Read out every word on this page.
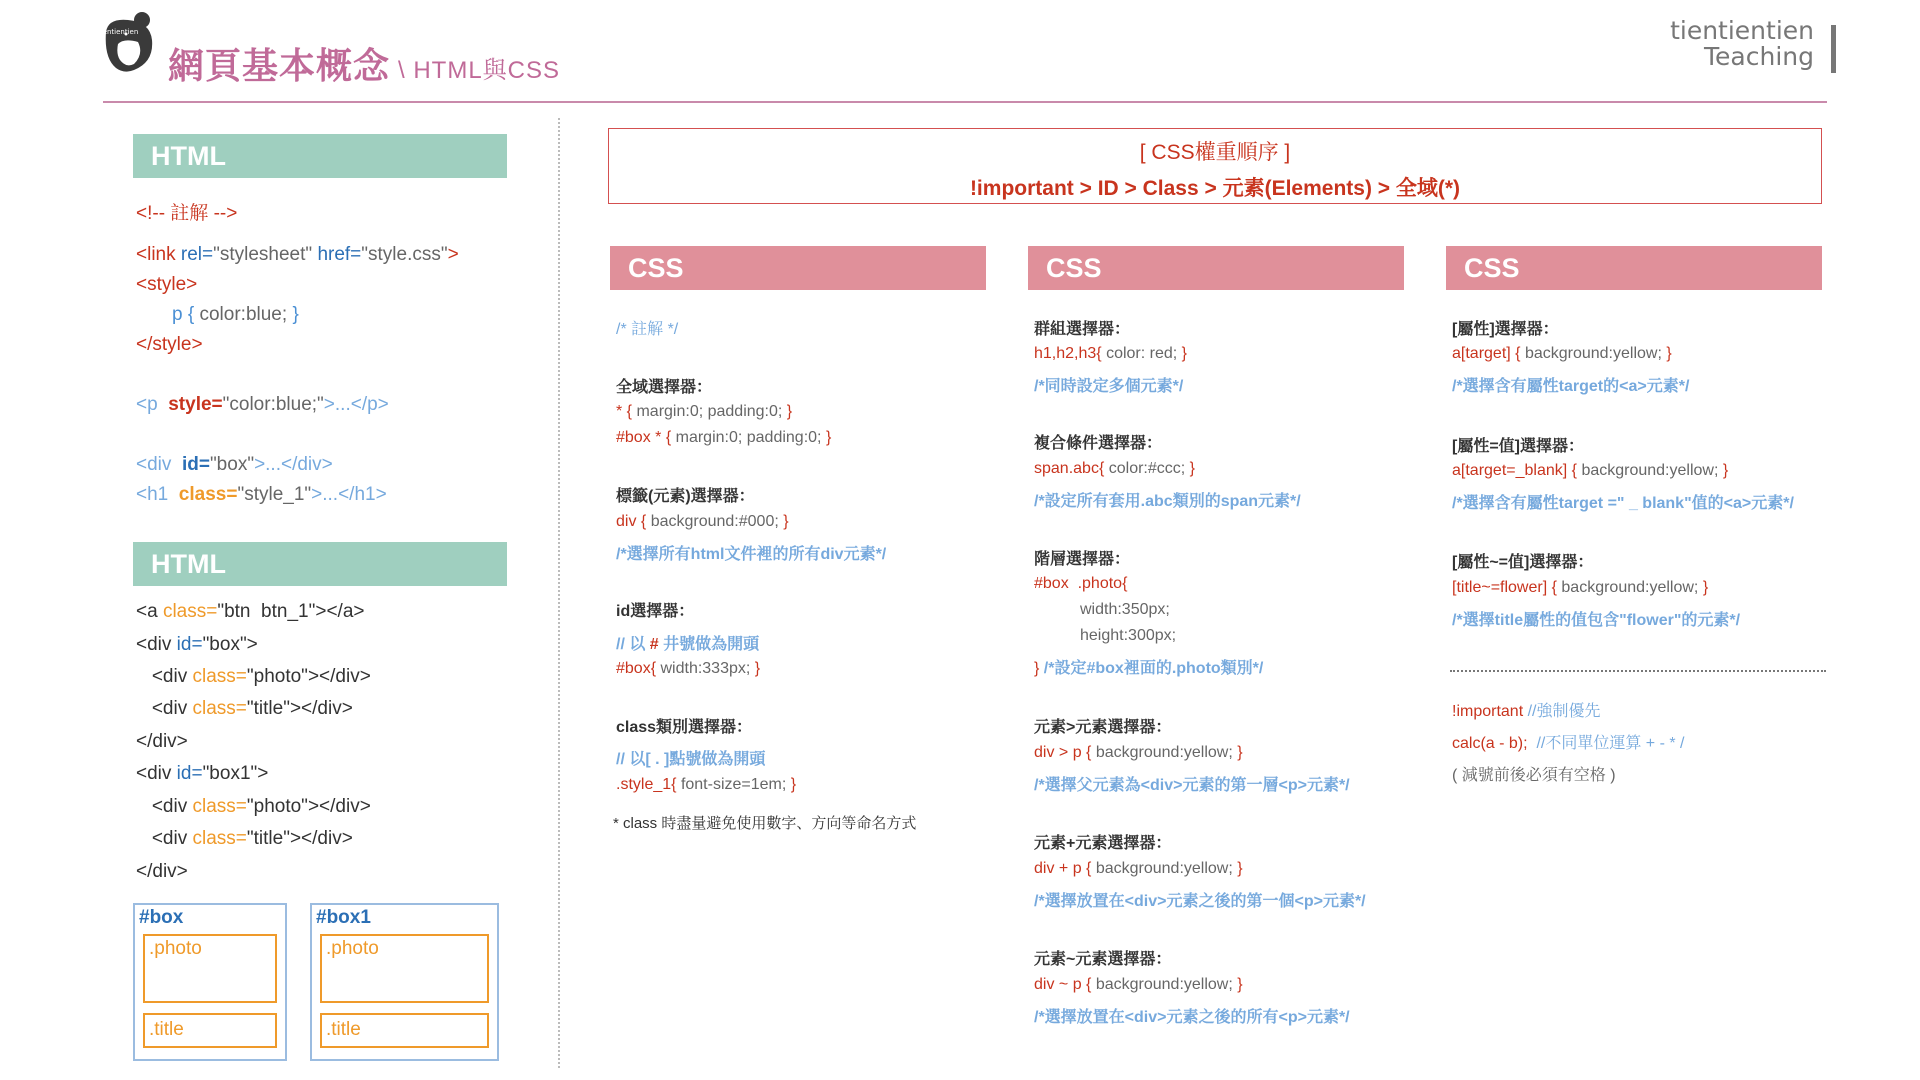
tientientien
網頁基本概念 \ HTML與CSS
tientientien
Teaching
HTML
<!-- 註解 -->
<link rel="stylesheet" href="style.css">
<style>
p { color:blue; }
</style>
<p  style="color:blue;">...</p>
<div  id="box">...</div>
<h1  class="style_1">...</h1>
HTML
<a class="btn  btn_1"></a>
<div id="box">
<div class="photo"></div>
<div class="title"></div>
</div>
<div id="box1">
<div class="photo"></div>
<div class="title"></div>
</div>
#box
.photo
.title
#box1
.photo
.title
[ CSS權重順序 ]
!important > ID > Class > 元素(Elements) > 全域(*)
CSS
/* 註解 */
全域選擇器：
* { margin:0; padding:0; }
#box * { margin:0; padding:0; }
標籤(元素)選擇器：
div { background:#000; }
/*選擇所有html文件裡的所有div元素*/
id選擇器：
// 以 # 井號做為開頭
#box{ width:333px; }
class類別選擇器：
// 以[ . ]點號做為開頭
.style_1{ font-size=1em; }
* class 時盡量避免使用數字、方向等命名方式
CSS
群組選擇器：
h1,h2,h3{ color: red; }
/*同時設定多個元素*/
複合條件選擇器：
span.abc{ color:#ccc; }
/*設定所有套用.abc類別的span元素*/
階層選擇器：
#box  .photo{
width:350px;
height:300px;
} /*設定#box裡面的.photo類別*/
元素>元素選擇器：
div > p { background:yellow; }
/*選擇父元素為<div>元素的第一層<p>元素*/
元素+元素選擇器：
div + p { background:yellow; }
/*選擇放置在<div>元素之後的第一個<p>元素*/
元素~元素選擇器：
div ~ p { background:yellow; }
/*選擇放置在<div>元素之後的所有<p>元素*/
CSS
[屬性]選擇器：
a[target] { background:yellow; }
/*選擇含有屬性target的<a>元素*/
[屬性=值]選擇器：
a[target=_blank] { background:yellow; }
/*選擇含有屬性target =" _ blank"值的<a>元素*/
[屬性~=值]選擇器：
[title~=flower] { background:yellow; }
/*選擇title屬性的值包含"flower"的元素*/
!important //強制優先
calc(a - b);  //不同單位運算 + - * /
( 減號前後必須有空格 )
